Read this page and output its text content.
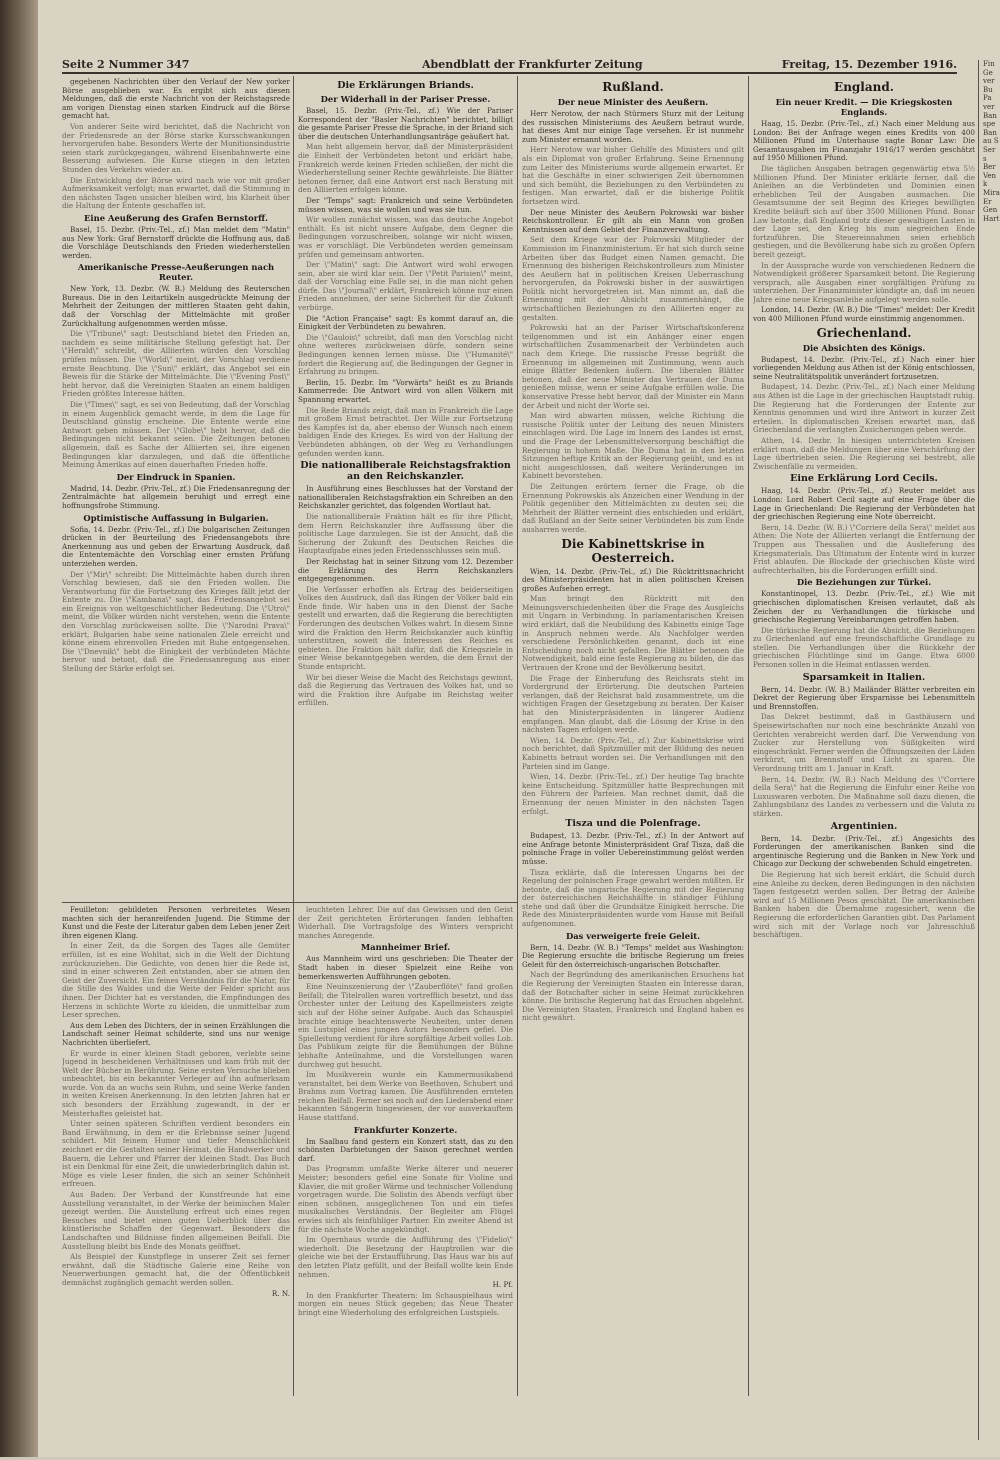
Seite 2 Nummer 347	Abendblatt der Frankfurter Zeitung	Freitag, 15. Dezember 1916.

gegebenen Nachrichten über den Verlauf der New yorker Börse ausgeblieben war. Es ergibt sich aus diesen Meldungen, daß die erste Nachricht von der Reichstagsrede am vorigen Dienstag einen starken Eindruck auf die Börse gemacht hat.

Von anderer Seite wird berichtet, daß die Nachricht von der Friedensrede an der Börse starke Kursschwankungen hervorgerufen habe. Besonders Werte der Munitionsindustrie seien stark zurückgegangen, während Eisenbahnwerte eine Besserung aufwiesen. Die Kurse stiegen in den letzten Stunden des Verkehrs wieder an.

Die Entwicklung der Börse wird nach wie vor mit großer Aufmerksamkeit verfolgt; man erwartet, daß die Stimmung in den nächsten Tagen unsicher bleiben wird, bis Klarheit über die Haltung der Entente geschaffen ist.

Eine Aeußerung des Grafen Bernstorff.

Basel, 15. Dezbr. (Priv.-Tel., zf.) Man meldet dem "Matin" aus New York: Graf Bernstorff drückte die Hoffnung aus, daß die Vorschläge Deutschlands den Frieden wiederherstellen werden.

Amerikanische Presse-Aeußerungen nach Reuter.

New York, 13. Dezbr. (W. B.) Meldung des Reuterschen Bureaus. Die in den Leitartikeln ausgedrückte Meinung der Mehrheit der Zeitungen der mittleren Staaten geht dahin, daß der Vorschlag der Mittelmächte mit großer Zurückhaltung aufgenommen werden müsse.

Die \"Tribune\" sagt: Deutschland bietet den Frieden an, nachdem es seine militärische Stellung gefestigt hat. Der \"Herald\" schreibt, die Alliierten würden den Vorschlag prüfen müssen. Die \"World\" meint, der Vorschlag verdiene ernste Beachtung. Die \"Sun\" erklärt, das Angebot sei ein Beweis für die Stärke der Mittelmächte. Die \"Evening Post\" hebt hervor, daß die Vereinigten Staaten an einem baldigen Frieden größtes Interesse hätten.

Die \"Times\" sagt, es sei von Bedeutung, daß der Vorschlag in einem Augenblick gemacht werde, in dem die Lage für Deutschland günstig erscheine. Die Entente werde eine Antwort geben müssen. Der \"Globe\" hebt hervor, daß die Bedingungen nicht bekannt seien. Die Zeitungen betonen allgemein, daß es Sache der Alliierten sei, ihre eigenen Bedingungen klar darzulegen, und daß die öffentliche Meinung Amerikas auf einen dauerhaften Frieden hoffe.

Der Eindruck in Spanien.

Madrid, 14. Dezbr. (Priv.-Tel., zf.) Die Friedensanregung der Zentralmächte hat allgemein beruhigt und erregt eine hoffnungsfrohe Stimmung.

Optimistische Auffassung in Bulgarien.

Sofia, 14. Dezbr. (Priv.-Tel., zf.) Die bulgarischen Zeitungen drücken in der Beurteilung des Friedensangebots ihre Anerkennung aus und geben der Erwartung Ausdruck, daß die Ententemächte den Vorschlag einer ernsten Prüfung unterziehen werden.

Der \"Mir\" schreibt: Die Mittelmächte haben durch ihren Vorschlag bewiesen, daß sie den Frieden wollen. Die Verantwortung für die Fortsetzung des Krieges fällt jetzt der Entente zu. Die \"Kambana\" sagt, das Friedensangebot sei ein Ereignis von weltgeschichtlicher Bedeutung. Die \"Utro\" meint, die Völker würden nicht verstehen, wenn die Entente den Vorschlag zurückweisen sollte. Die \"Narodni Prava\" erklärt, Bulgarien habe seine nationalen Ziele erreicht und könne einem ehrenvollen Frieden mit Ruhe entgegensehen. Die \"Dnevnik\" hebt die Einigkeit der verbündeten Mächte hervor und betont, daß die Friedensanregung aus einer Stellung der Stärke erfolgt sei.

Die Erklärungen Briands.
Der Widerhall in der Pariser Presse.

Basel, 15. Dezbr. (Priv.-Tel., zf.) Wie der Pariser Korrespondent der "Basler Nachrichten" berichtet, billigt die gesamte Pariser Presse die Sprache, in der Briand sich über die deutschen Unterhandlungsanträge geäußert hat.

Man hebt allgemein hervor, daß der Ministerpräsident die Einheit der Verbündeten betont und erklärt habe, Frankreich werde keinen Frieden schließen, der nicht die Wiederherstellung seiner Rechte gewährleiste. Die Blätter betonen ferner, daß eine Antwort erst nach Beratung mit den Alliierten erfolgen könne.

Der "Temps" sagt: Frankreich und seine Verbündeten müssen wissen, was sie wollen und was sie tun.

Wir wollen zunächst wissen, was das deutsche Angebot enthält. Es ist nicht unsere Aufgabe, dem Gegner die Bedingungen vorzuschreiben, solange wir nicht wissen, was er vorschlägt. Die Verbündeten werden gemeinsam prüfen und gemeinsam antworten.

Der \"Matin\" sagt: Die Antwort wird wohl erwogen sein, aber sie wird klar sein. Der \"Petit Parisien\" meint, daß der Vorschlag eine Falle sei, in die man nicht gehen dürfe. Das \"Journal\" erklärt, Frankreich könne nur einen Frieden annehmen, der seine Sicherheit für die Zukunft verbürge.

Die "Action Française" sagt: Es kommt darauf an, die Einigkeit der Verbündeten zu bewahren.

Die \"Gaulois\" schreibt, daß man den Vorschlag nicht ohne weiteres zurückweisen dürfe, sondern seine Bedingungen kennen lernen müsse. Die \"Humanité\" fordert die Regierung auf, die Bedingungen der Gegner in Erfahrung zu bringen.

Berlin, 15. Dezbr. Im "Vorwärts" heißt es zu Briands Kammerrede: Die Antwort wird von allen Völkern mit Spannung erwartet.

Die Rede Briands zeigt, daß man in Frankreich die Lage mit großem Ernst betrachtet. Der Wille zur Fortsetzung des Kampfes ist da, aber ebenso der Wunsch nach einem baldigen Ende des Krieges. Es wird von der Haltung der Verbündeten abhängen, ob der Weg zu Verhandlungen gefunden werden kann.

Die nationalliberale Reichstagsfraktion an den Reichskanzler.

In Ausführung eines Beschlusses hat der Vorstand der nationalliberalen Reichstagsfraktion ein Schreiben an den Reichskanzler gerichtet, das folgenden Wortlaut hat.

Die nationalliberale Fraktion hält es für ihre Pflicht, dem Herrn Reichskanzler ihre Auffassung über die politische Lage darzulegen. Sie ist der Ansicht, daß die Sicherung der Zukunft des Deutschen Reiches die Hauptaufgabe eines jeden Friedensschlusses sein muß.

Der Reichstag hat in seiner Sitzung vom 12. Dezember die Erklärung des Herrn Reichskanzlers entgegengenommen.

Die Verfasser erhoffen als Ertrag des beiderseitigen Volkes den Ausdruck, daß das Ringen der Völker bald ein Ende finde. Wir haben uns in den Dienst der Sache gestellt und erwarten, daß die Regierung die berechtigten Forderungen des deutschen Volkes wahrt. In diesem Sinne wird die Fraktion den Herrn Reichskanzler auch künftig unterstützen, soweit die Interessen des Reiches es gebieten. Die Fraktion hält dafür, daß die Kriegsziele in einer Weise bekanntgegeben werden, die dem Ernst der Stunde entspricht.

Wir bei dieser Weise die Macht des Reichstags gewinnt, daß die Regierung das Vertrauen des Volkes hat, und so wird die Fraktion ihre Aufgabe im Reichstag weiter erfüllen.

Feuilleton: gebildeten Personen verbreitetes Wesen machten sich der heranreifenden Jugend. Die Stimme der Kunst und die Feste der Literatur gaben dem Leben jener Zeit ihren eigenen Klang.

In einer Zeit, da die Sorgen des Tages alle Gemüter erfüllen, ist es eine Wohltat, sich in die Welt der Dichtung zurückzuziehen. Die Gedichte, von denen hier die Rede ist, sind in einer schweren Zeit entstanden, aber sie atmen den Geist der Zuversicht. Ein feines Verständnis für die Natur, für die Stille des Waldes und die Weite der Felder spricht aus ihnen. Der Dichter hat es verstanden, die Empfindungen des Herzens in schlichte Worte zu kleiden, die unmittelbar zum Leser sprechen.

Aus dem Leben des Dichters, der in seinen Erzählungen die Landschaft seiner Heimat schilderte, sind uns nur wenige Nachrichten überliefert.

Er wurde in einer kleinen Stadt geboren, verlebte seine Jugend in bescheidenen Verhältnissen und kam früh mit der Welt der Bücher in Berührung. Seine ersten Versuche blieben unbeachtet, bis ein bekannter Verleger auf ihn aufmerksam wurde. Von da an wuchs sein Ruhm, und seine Werke fanden in weiten Kreisen Anerkennung. In den letzten Jahren hat er sich besonders der Erzählung zugewandt, in der er Meisterhaftes geleistet hat.

Unter seinen späteren Schriften verdient besonders ein Band Erwähnung, in dem er die Erlebnisse seiner Jugend schildert. Mit feinem Humor und tiefer Menschlichkeit zeichnet er die Gestalten seiner Heimat, die Handwerker und Bauern, die Lehrer und Pfarrer der kleinen Stadt. Das Buch ist ein Denkmal für eine Zeit, die unwiederbringlich dahin ist. Möge es viele Leser finden, die sich an seiner Schönheit erfreuen.

Aus Baden: Der Verband der Kunstfreunde hat eine Ausstellung veranstaltet, in der Werke der heimischen Maler gezeigt werden. Die Ausstellung erfreut sich eines regen Besuches und bietet einen guten Ueberblick über das künstlerische Schaffen der Gegenwart. Besonders die Landschaften und Bildnisse finden allgemeinen Beifall. Die Ausstellung bleibt bis Ende des Monats geöffnet.

Als Beispiel der Kunstpflege in unserer Zeit sei ferner erwähnt, daß die Städtische Galerie eine Reihe von Neuerwerbungen gemacht hat, die der Öffentlichkeit demnächst zugänglich gemacht werden sollen.

R. N.

leuchteten Lehrer. Die auf das Gewissen und den Geist der Zeit gerichteten Erörterungen fanden lebhaften Widerhall. Die Vortragsfolge des Winters verspricht manches Anregende.

Mannheimer Brief.

Aus Mannheim wird uns geschrieben: Die Theater der Stadt haben in dieser Spielzeit eine Reihe von bemerkenswerten Aufführungen geboten.

Eine Neuinszenierung der \"Zauberflöte\" fand großen Beifall; die Titelrollen waren vortrefflich besetzt, und das Orchester unter der Leitung des Kapellmeisters zeigte sich auf der Höhe seiner Aufgabe. Auch das Schauspiel brachte einige beachtenswerte Neuheiten, unter denen ein Lustspiel eines jungen Autors besonders gefiel. Die Spielleitung verdient für ihre sorgfältige Arbeit volles Lob. Das Publikum zeigte für die Bemühungen der Bühne lebhafte Anteilnahme, und die Vorstellungen waren durchweg gut besucht.

Im Musikverein wurde ein Kammermusikabend veranstaltet, bei dem Werke von Beethoven, Schubert und Brahms zum Vortrag kamen. Die Ausführenden ernteten reichen Beifall. Ferner sei noch auf den Liederabend einer bekannten Sängerin hingewiesen, der vor ausverkauftem Hause stattfand.

Frankfurter Konzerte.

Im Saalbau fand gestern ein Konzert statt, das zu den schönsten Darbietungen der Saison gerechnet werden darf.

Das Programm umfaßte Werke älterer und neuerer Meister; besonders gefiel eine Sonate für Violine und Klavier, die mit großer Wärme und technischer Vollendung vorgetragen wurde. Die Solistin des Abends verfügt über einen schönen, ausgeglichenen Ton und ein tiefes musikalisches Verständnis. Der Begleiter am Flügel erwies sich als feinfühliger Partner. Ein zweiter Abend ist für die nächste Woche angekündigt.

Im Opernhaus wurde die Aufführung des \"Fidelio\" wiederholt. Die Besetzung der Hauptrollen war die gleiche wie bei der Erstaufführung. Das Haus war bis auf den letzten Platz gefüllt, und der Beifall wollte kein Ende nehmen.

H. Pf.

In den Frankfurter Theatern: Im Schauspielhaus wird morgen ein neues Stück gegeben; das Neue Theater bringt eine Wiederholung des erfolgreichen Lustspiels.

Rußland.
Der neue Minister des Aeußern.

Herr Nerotow, der nach Stürmers Sturz mit der Leitung des russischen Ministeriums des Aeußern betraut wurde, hat dieses Amt nur einige Tage versehen. Er ist nunmehr zum Minister ernannt worden.

Herr Nerotow war bisher Gehilfe des Ministers und gilt als ein Diplomat von großer Erfahrung. Seine Ernennung zum Leiter des Ministeriums wurde allgemein erwartet. Er hat die Geschäfte in einer schwierigen Zeit übernommen und sich bemüht, die Beziehungen zu den Verbündeten zu festigen. Man erwartet, daß er die bisherige Politik fortsetzen wird.

Der neue Minister des Aeußern Pokrowski war bisher Reichskontrolleur. Er gilt als ein Mann von großen Kenntnissen auf dem Gebiet der Finanzverwaltung.

Seit dem Kriege war der Pokrowski Mitglieder der Kommission im Finanzministerium. Er hat sich durch seine Arbeiten über das Budget einen Namen gemacht. Die Ernennung des bisherigen Reichskontrolleurs zum Minister des Aeußern hat in politischen Kreisen Ueberraschung hervorgerufen, da Pokrowski bisher in der auswärtigen Politik nicht hervorgetreten ist. Man nimmt an, daß die Ernennung mit der Absicht zusammenhängt, die wirtschaftlichen Beziehungen zu den Alliierten enger zu gestalten.

Pokrowski hat an der Pariser Wirtschaftskonferenz teilgenommen und ist ein Anhänger einer engen wirtschaftlichen Zusammenarbeit der Verbündeten auch nach dem Kriege. Die russische Presse begrüßt die Ernennung im allgemeinen mit Zustimmung, wenn auch einige Blätter Bedenken äußern. Die liberalen Blätter betonen, daß der neue Minister das Vertrauen der Duma genießen müsse, wenn er seine Aufgabe erfüllen wolle. Die konservative Presse hebt hervor, daß der Minister ein Mann der Arbeit und nicht der Worte sei.

Man wird abwarten müssen, welche Richtung die russische Politik unter der Leitung des neuen Ministers einschlagen wird. Die Lage im Innern des Landes ist ernst, und die Frage der Lebensmittelversorgung beschäftigt die Regierung in hohem Maße. Die Duma hat in den letzten Sitzungen heftige Kritik an der Regierung geübt, und es ist nicht ausgeschlossen, daß weitere Veränderungen im Kabinett bevorstehen.

Die Zeitungen erörtern ferner die Frage, ob die Ernennung Pokrowskis als Anzeichen einer Wendung in der Politik gegenüber den Mittelmächten zu deuten sei; die Mehrheit der Blätter verneint dies entschieden und erklärt, daß Rußland an der Seite seiner Verbündeten bis zum Ende ausharren werde.

Die Kabinettskrise in Oesterreich.

Wien, 14. Dezbr. (Priv.-Tel., zf.) Die Rücktrittsnachricht des Ministerpräsidenten hat in allen politischen Kreisen großes Aufsehen erregt.

Man bringt den Rücktritt mit den Meinungsverschiedenheiten über die Frage des Ausgleichs mit Ungarn in Verbindung. In parlamentarischen Kreisen wird erklärt, daß die Neubildung des Kabinetts einige Tage in Anspruch nehmen werde. Als Nachfolger werden verschiedene Persönlichkeiten genannt, doch ist eine Entscheidung noch nicht gefallen. Die Blätter betonen die Notwendigkeit, bald eine feste Regierung zu bilden, die das Vertrauen der Krone und der Bevölkerung besitzt.

Die Frage der Einberufung des Reichsrats steht im Vordergrund der Erörterung. Die deutschen Parteien verlangen, daß der Reichsrat bald zusammentrete, um die wichtigen Fragen der Gesetzgebung zu beraten. Der Kaiser hat den Ministerpräsidenten in längerer Audienz empfangen. Man glaubt, daß die Lösung der Krise in den nächsten Tagen erfolgen werde.

Wien, 14. Dezbr. (Priv.-Tel., zf.) Zur Kabinettskrise wird noch berichtet, daß Spitzmüller mit der Bildung des neuen Kabinetts betraut worden sei. Die Verhandlungen mit den Parteien sind im Gange.

Wien, 14. Dezbr. (Priv.-Tel., zf.) Der heutige Tag brachte keine Entscheidung. Spitzmüller hatte Besprechungen mit den Führern der Parteien. Man rechnet damit, daß die Ernennung der neuen Minister in den nächsten Tagen erfolgt.

Tisza und die Polenfrage.

Budapest, 13. Dezbr. (Priv.-Tel., zf.) In der Antwort auf eine Anfrage betonte Ministerpräsident Graf Tisza, daß die polnische Frage in voller Uebereinstimmung gelöst werden müsse.

Tisza erklärte, daß die Interessen Ungarns bei der Regelung der polnischen Frage gewahrt werden müßten. Er betonte, daß die ungarische Regierung mit der Regierung der österreichischen Reichshälfte in ständiger Fühlung stehe und daß über die Grundsätze Einigkeit herrsche. Die Rede des Ministerpräsidenten wurde vom Hause mit Beifall aufgenommen.

Das verweigerte freie Geleit.

Bern, 14. Dezbr. (W. B.) "Temps" meldet aus Washington: Die Regierung ersuchte die britische Regierung um freies Geleit für den österreichisch-ungarischen Botschafter.

Nach der Begründung des amerikanischen Ersuchens hat die Regierung der Vereinigten Staaten ein Interesse daran, daß der Botschafter sicher in seine Heimat zurückkehren könne. Die britische Regierung hat das Ersuchen abgelehnt. Die Vereinigten Staaten, Frankreich und England haben es nicht gewährt.

England.
Ein neuer Kredit. — Die Kriegskosten Englands.

Haag, 15. Dezbr. (Priv.-Tel., zf.) Nach einer Meldung aus London: Bei der Anfrage wegen eines Kredits von 400 Millionen Pfund im Unterhause sagte Bonar Law: Die Gesamtausgaben im Finanzjahr 1916/17 werden geschätzt auf 1950 Millionen Pfund.

Die täglichen Ausgaben betragen gegenwärtig etwa 5½ Millionen Pfund. Der Minister erklärte ferner, daß die Anleihen an die Verbündeten und Dominien einen erheblichen Teil der Ausgaben ausmachen. Die Gesamtsumme der seit Beginn des Krieges bewilligten Kredite beläuft sich auf über 3500 Millionen Pfund. Bonar Law betonte, daß England trotz dieser gewaltigen Lasten in der Lage sei, den Krieg bis zum siegreichen Ende fortzuführen. Die Steuereinnahmen seien erheblich gestiegen, und die Bevölkerung habe sich zu großen Opfern bereit gezeigt.

In der Aussprache wurde von verschiedenen Rednern die Notwendigkeit größerer Sparsamkeit betont. Die Regierung versprach, alle Ausgaben einer sorgfältigen Prüfung zu unterziehen. Der Finanzminister kündigte an, daß im neuen Jahre eine neue Kriegsanleihe aufgelegt werden solle.

London, 14. Dezbr. (W. B.) Die "Times" meldet: Der Kredit von 400 Millionen Pfund wurde einstimmig angenommen.

Griechenland.
Die Absichten des Königs.

Budapest, 14. Dezbr. (Priv.-Tel., zf.) Nach einer hier vorliegenden Meldung aus Athen ist der König entschlossen, seine Neutralitätspolitik unverändert fortzusetzen.

Budapest, 14. Dezbr. (Priv.-Tel., zf.) Nach einer Meldung aus Athen ist die Lage in der griechischen Hauptstadt ruhig. Die Regierung hat die Forderungen der Entente zur Kenntnis genommen und wird ihre Antwort in kurzer Zeit erteilen. In diplomatischen Kreisen erwartet man, daß Griechenland die verlangten Zusicherungen geben werde.

Athen, 14. Dezbr. In hiesigen unterrichteten Kreisen erklärt man, daß die Meldungen über eine Verschärfung der Lage übertrieben seien. Die Regierung sei bestrebt, alle Zwischenfälle zu vermeiden.

Eine Erklärung Lord Cecils.

Haag, 14. Dezbr. (Priv.-Tel., zf.) Reuter meldet aus London: Lord Robert Cecil sagte auf eine Frage über die Lage in Griechenland: Die Regierung der Verbündeten hat der griechischen Regierung eine Note überreicht.

Bern, 14. Dezbr. (W. B.) \"Corriere della Sera\" meldet aus Athen: Die Note der Alliierten verlangt die Entfernung der Truppen aus Thessalien und die Auslieferung des Kriegsmaterials. Das Ultimatum der Entente wird in kurzer Frist ablaufen. Die Blockade der griechischen Küste wird aufrechterhalten, bis die Forderungen erfüllt sind.

Die Beziehungen zur Türkei.

Konstantinopel, 13. Dezbr. (Priv.-Tel., zf.) Wie mit griechischen diplomatischen Kreisen verlautet, daß als Zeichen der zu Verhandlungen die türkische und griechische Regierung Vereinbarungen getroffen haben.

Die türkische Regierung hat die Absicht, die Beziehungen zu Griechenland auf eine freundschaftliche Grundlage zu stellen. Die Verhandlungen über die Rückkehr der griechischen Flüchtlinge sind im Gange. Etwa 6000 Personen sollen in die Heimat entlassen werden.

Sparsamkeit in Italien.

Bern, 14. Dezbr. (W. B.) Mailänder Blätter verbreiten ein Dekret der Regierung über Ersparnisse bei Lebensmitteln und Brennstoffen.

Das Dekret bestimmt, daß in Gasthäusern und Speisewirtschaften nur noch eine beschränkte Anzahl von Gerichten verabreicht werden darf. Die Verwendung von Zucker zur Herstellung von Süßigkeiten wird eingeschränkt. Ferner werden die Öffnungszeiten der Läden verkürzt, um Brennstoff und Licht zu sparen. Die Verordnung tritt am 1. Januar in Kraft.

Bern, 14. Dezbr. (W. B.) Nach Meldung des \"Corriere della Sera\" hat die Regierung die Einfuhr einer Reihe von Luxuswaren verboten. Die Maßnahme soll dazu dienen, die Zahlungsbilanz des Landes zu verbessern und die Valuta zu stärken.

Argentinien.

Bern, 14. Dezbr. (Priv.-Tel., zf.) Angesichts des Forderungen der amerikanischen Banken sind die argentinische Regierung und die Banken in New York und Chicago zur Deckung der schwebenden Schuld eingetreten.

Die Regierung hat sich bereit erklärt, die Schuld durch eine Anleihe zu decken, deren Bedingungen in den nächsten Tagen festgesetzt werden sollen. Der Betrag der Anleihe wird auf 15 Millionen Pesos geschätzt. Die amerikanischen Banken haben die Übernahme zugesichert, wenn die Regierung die erforderlichen Garantien gibt. Das Parlament wird sich mit der Vorlage noch vor Jahresschluß beschäftigen.

Fin Ge ver Bu Pa ver Ban spe Ban au S Ser s Ber Ven k Mira Er Gen Hart
